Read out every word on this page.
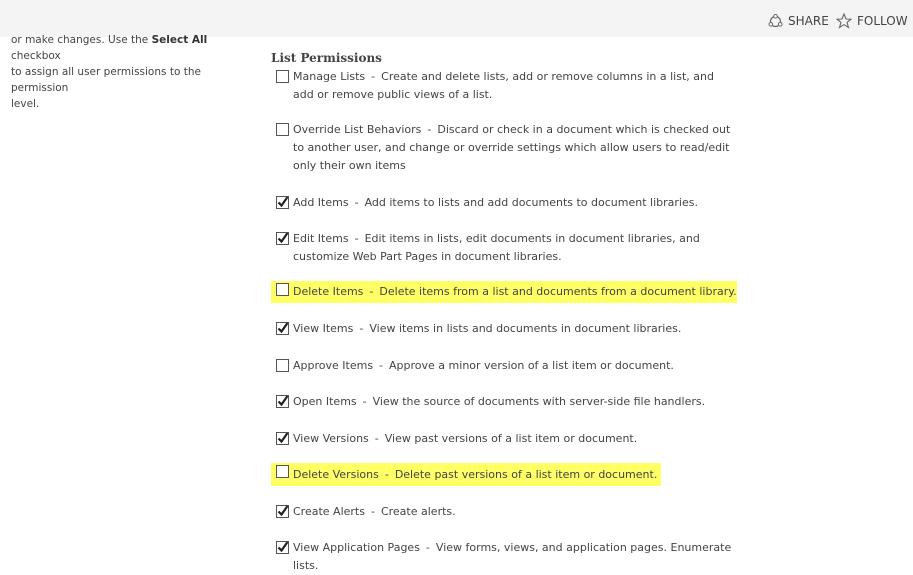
SHARE FOLLOW
or make changes. Use the Select All checkbox
to assign all user permissions to the permission
level.
List Permissions
Manage Lists - Create and delete lists, add or remove columns in a list, and add or remove public views of a list.
Override List Behaviors - Discard or check in a document which is checked out to another user, and change or override settings which allow users to read/edit only their own items
Add Items - Add items to lists and add documents to document libraries.
Edit Items - Edit items in lists, edit documents in document libraries, and customize Web Part Pages in document libraries.
Delete Items - Delete items from a list and documents from a document library.
View Items - View items in lists and documents in document libraries.
Approve Items - Approve a minor version of a list item or document.
Open Items - View the source of documents with server-side file handlers.
View Versions - View past versions of a list item or document.
Delete Versions - Delete past versions of a list item or document.
Create Alerts - Create alerts.
View Application Pages - View forms, views, and application pages. Enumerate lists.
